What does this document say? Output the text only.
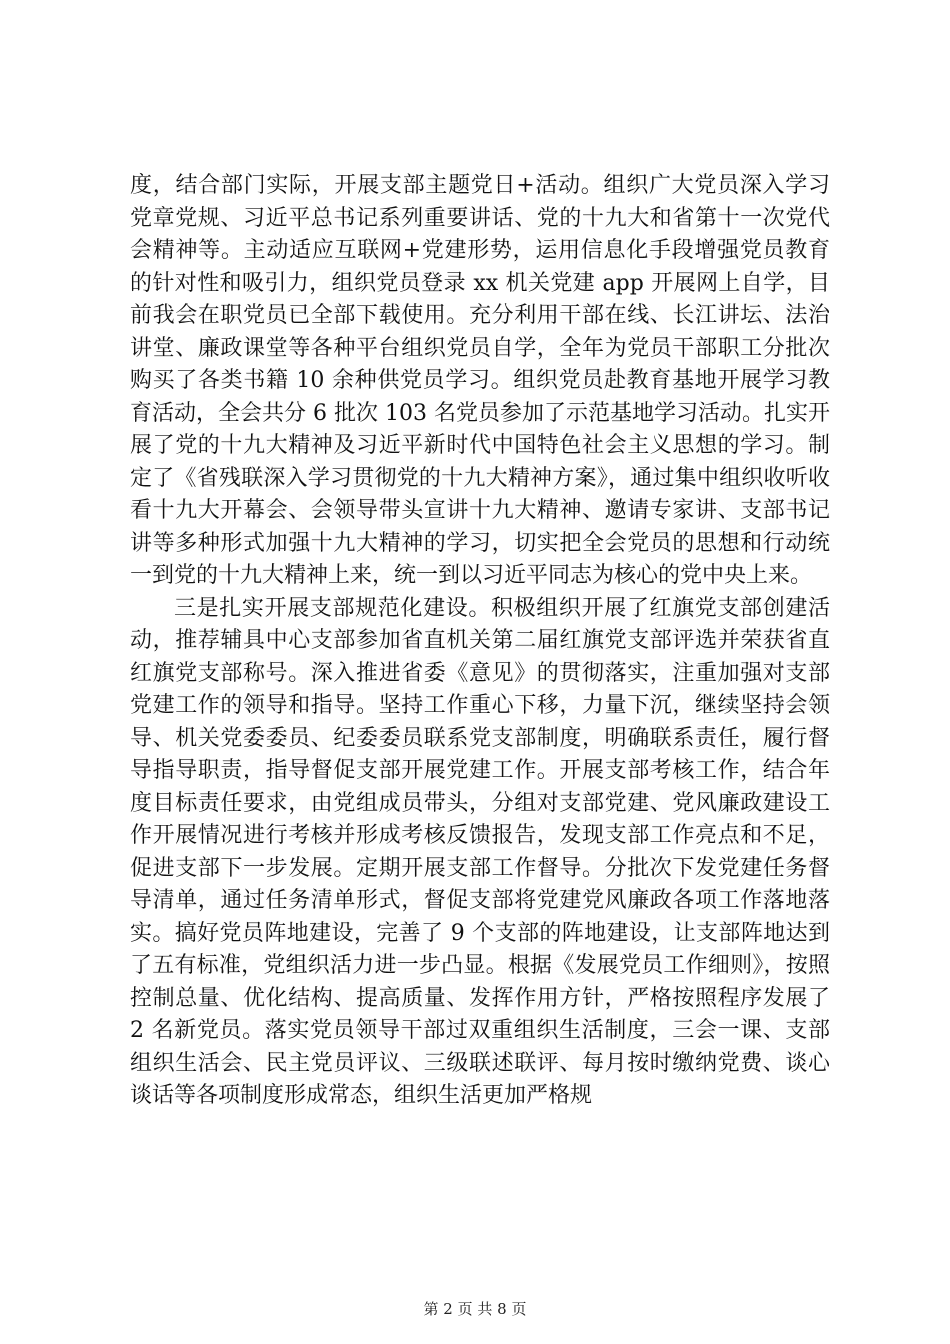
度，结合部门实际，开展支部主题党日+活动。组织广大党员深入学习党章党规、习近平总书记系列重要讲话、党的十九大和省第十一次党代会精神等。主动适应互联网+党建形势，运用信息化手段增强党员教育的针对性和吸引力，组织党员登录 xx 机关党建 app 开展网上自学，目前我会在职党员已全部下载使用。充分利用干部在线、长江讲坛、法治讲堂、廉政课堂等各种平台组织党员自学，全年为党员干部职工分批次购买了各类书籍 10 余种供党员学习。组织党员赴教育基地开展学习教育活动，全会共分 6 批次 103 名党员参加了示范基地学习活动。扎实开展了党的十九大精神及习近平新时代中国特色社会主义思想的学习。制定了《省残联深入学习贯彻党的十九大精神方案》，通过集中组织收听收看十九大开幕会、会领导带头宣讲十九大精神、邀请专家讲、支部书记讲等多种形式加强十九大精神的学习，切实把全会党员的思想和行动统一到党的十九大精神上来，统一到以习近平同志为核心的党中央上来。

三是扎实开展支部规范化建设。积极组织开展了红旗党支部创建活动，推荐辅具中心支部参加省直机关第二届红旗党支部评选并荣获省直红旗党支部称号。深入推进省委《意见》的贯彻落实，注重加强对支部党建工作的领导和指导。坚持工作重心下移，力量下沉，继续坚持会领导、机关党委委员、纪委委员联系党支部制度，明确联系责任，履行督导指导职责，指导督促支部开展党建工作。开展支部考核工作，结合年度目标责任要求，由党组成员带头，分组对支部党建、党风廉政建设工作开展情况进行考核并形成考核反馈报告，发现支部工作亮点和不足，促进支部下一步发展。定期开展支部工作督导。分批次下发党建任务督导清单，通过任务清单形式，督促支部将党建党风廉政各项工作落地落实。搞好党员阵地建设，完善了 9 个支部的阵地建设，让支部阵地达到了五有标准，党组织活力进一步凸显。根据《发展党员工作细则》，按照控制总量、优化结构、提高质量、发挥作用方针，严格按照程序发展了 2 名新党员。落实党员领导干部过双重组织生活制度，三会一课、支部组织生活会、民主党员评议、三级联述联评、每月按时缴纳党费、谈心谈话等各项制度形成常态，组织生活更加严格规

第 2 页 共 8 页
